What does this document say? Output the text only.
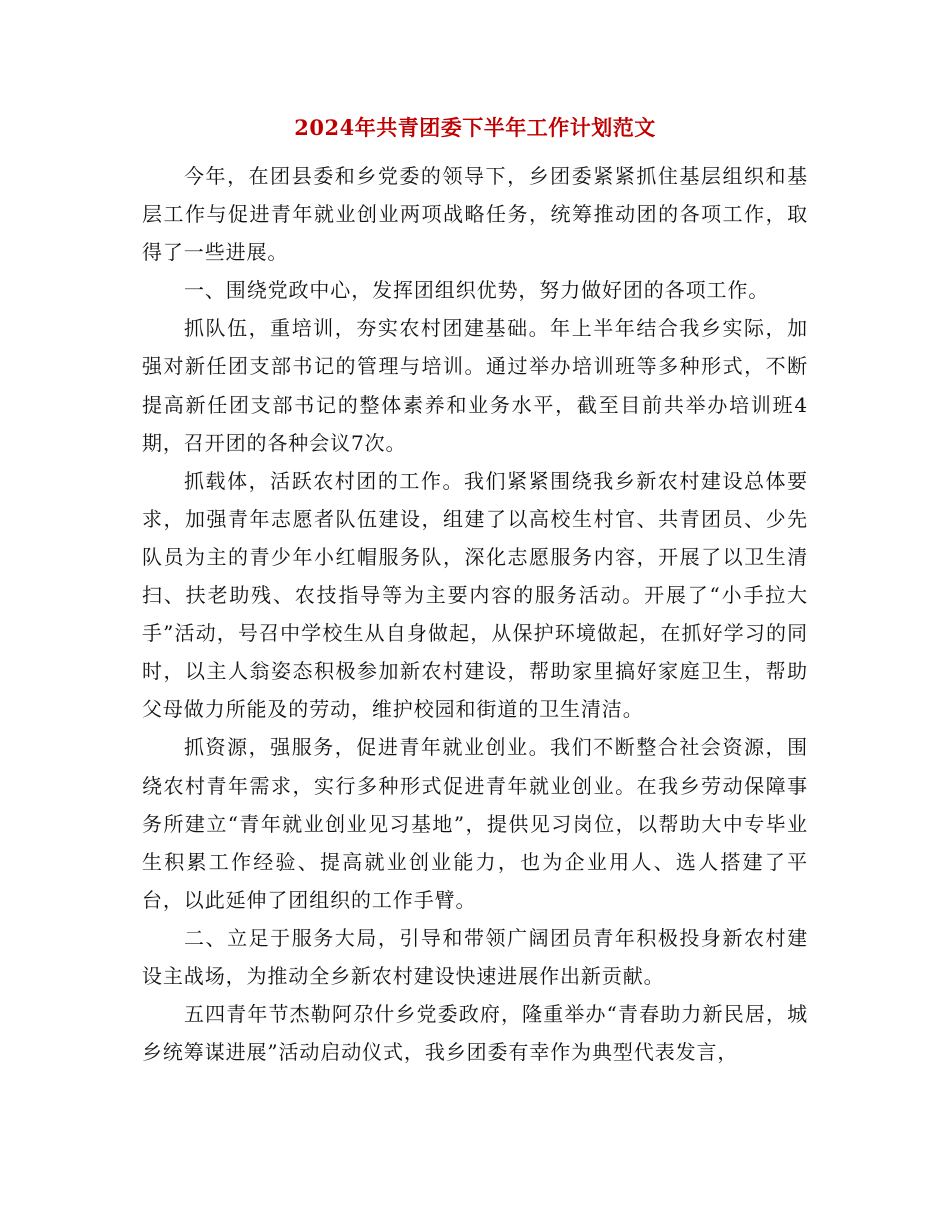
2024年共青团委下半年工作计划范文

今年，在团县委和乡党委的领导下，乡团委紧紧抓住基层组织和基层工作与促进青年就业创业两项战略任务，统筹推动团的各项工作，取得了一些进展。

一、围绕党政中心，发挥团组织优势，努力做好团的各项工作。

抓队伍，重培训，夯实农村团建基础。年上半年结合我乡实际，加强对新任团支部书记的管理与培训。通过举办培训班等多种形式，不断提高新任团支部书记的整体素养和业务水平，截至目前共举办培训班4期，召开团的各种会议7次。

抓载体，活跃农村团的工作。我们紧紧围绕我乡新农村建设总体要求，加强青年志愿者队伍建设，组建了以高校生村官、共青团员、少先队员为主的青少年小红帽服务队，深化志愿服务内容，开展了以卫生清扫、扶老助残、农技指导等为主要内容的服务活动。开展了“小手拉大手”活动，号召中学校生从自身做起，从保护环境做起，在抓好学习的同时，以主人翁姿态积极参加新农村建设，帮助家里搞好家庭卫生，帮助父母做力所能及的劳动，维护校园和街道的卫生清洁。

抓资源，强服务，促进青年就业创业。我们不断整合社会资源，围绕农村青年需求，实行多种形式促进青年就业创业。在我乡劳动保障事务所建立“青年就业创业见习基地”，提供见习岗位，以帮助大中专毕业生积累工作经验、提高就业创业能力，也为企业用人、选人搭建了平台，以此延伸了团组织的工作手臂。

二、立足于服务大局，引导和带领广阔团员青年积极投身新农村建设主战场，为推动全乡新农村建设快速进展作出新贡献。

五四青年节杰勒阿尕什乡党委政府，隆重举办“青春助力新民居，城乡统筹谋进展”活动启动仪式，我乡团委有幸作为典型代表发言，
